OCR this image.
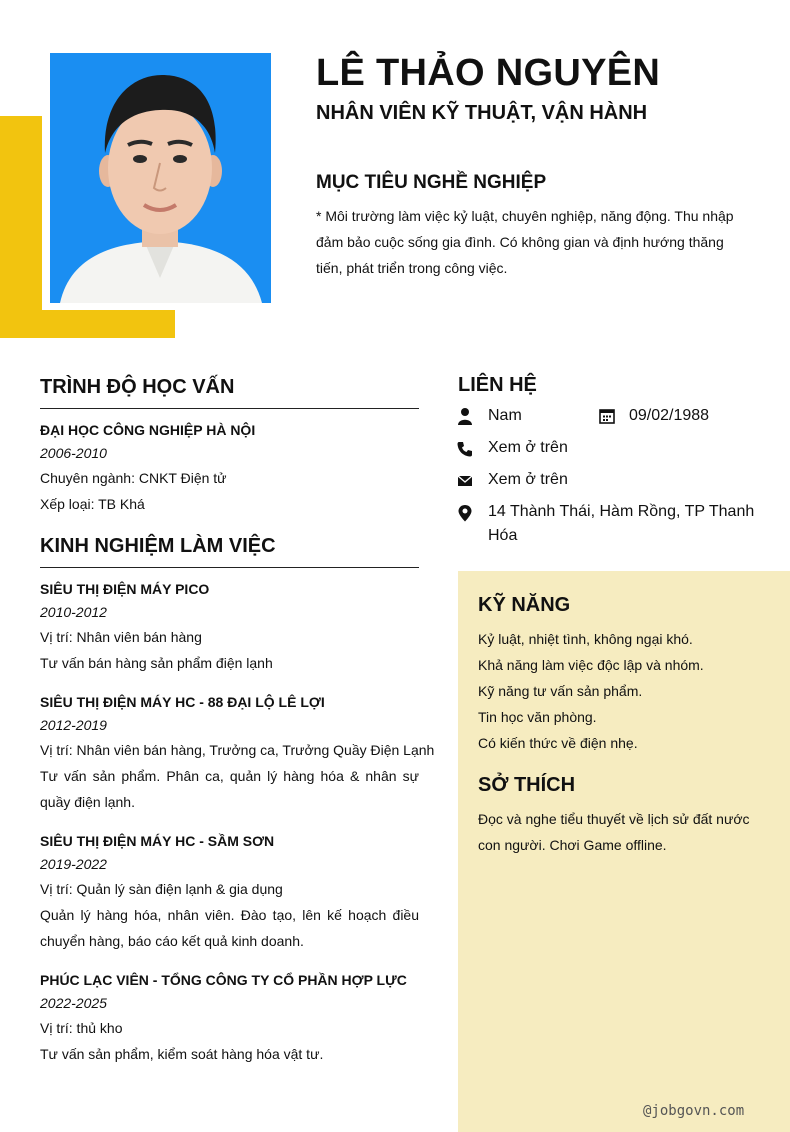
LÊ THẢO NGUYÊN
NHÂN VIÊN KỸ THUẬT, VẬN HÀNH
MỤC TIÊU NGHỀ NGHIỆP
* Môi trường làm việc kỷ luật, chuyên nghiệp, năng động. Thu nhập đảm bảo cuộc sống gia đình. Có không gian và định hướng thăng tiến, phát triển trong công việc.
TRÌNH ĐỘ HỌC VẤN
ĐẠI HỌC CÔNG NGHIỆP HÀ NỘI
2006-2010
Chuyên ngành: CNKT Điện tử
Xếp loại: TB Khá
KINH NGHIỆM LÀM VIỆC
SIÊU THỊ ĐIỆN MÁY PICO
2010-2012
Vị trí: Nhân viên bán hàng
Tư vấn bán hàng sản phẩm điện lạnh
SIÊU THỊ ĐIỆN MÁY HC - 88 ĐẠI LỘ LÊ LỢI
2012-2019
Vị trí: Nhân viên bán hàng, Trưởng ca, Trưởng Quầy Điện Lạnh
Tư vấn sản phẩm. Phân ca, quản lý hàng hóa & nhân sự quầy điện lạnh.
SIÊU THỊ ĐIỆN MÁY HC - SẦM SƠN
2019-2022
Vị trí: Quản lý sàn điện lạnh & gia dụng
Quản lý hàng hóa, nhân viên. Đào tạo, lên kế hoạch điều chuyển hàng, báo cáo kết quả kinh doanh.
PHÚC LẠC VIÊN - TỔNG CÔNG TY CỔ PHẦN HỢP LỰC
2022-2025
Vị trí: thủ kho
Tư vấn sản phẩm, kiểm soát hàng hóa vật tư.
LIÊN HỆ
Nam	09/02/1988
Xem ở trên
Xem ở trên
14 Thành Thái, Hàm Rồng, TP Thanh Hóa
KỸ NĂNG
Kỷ luật, nhiệt tình, không ngại khó.
Khả năng làm việc độc lập và nhóm.
Kỹ năng tư vấn sản phẩm.
Tin học văn phòng.
Có kiến thức về điện nhẹ.
SỞ THÍCH
Đọc và nghe tiểu thuyết về lịch sử đất nước con người. Chơi Game offline.
@jobgovn.com
